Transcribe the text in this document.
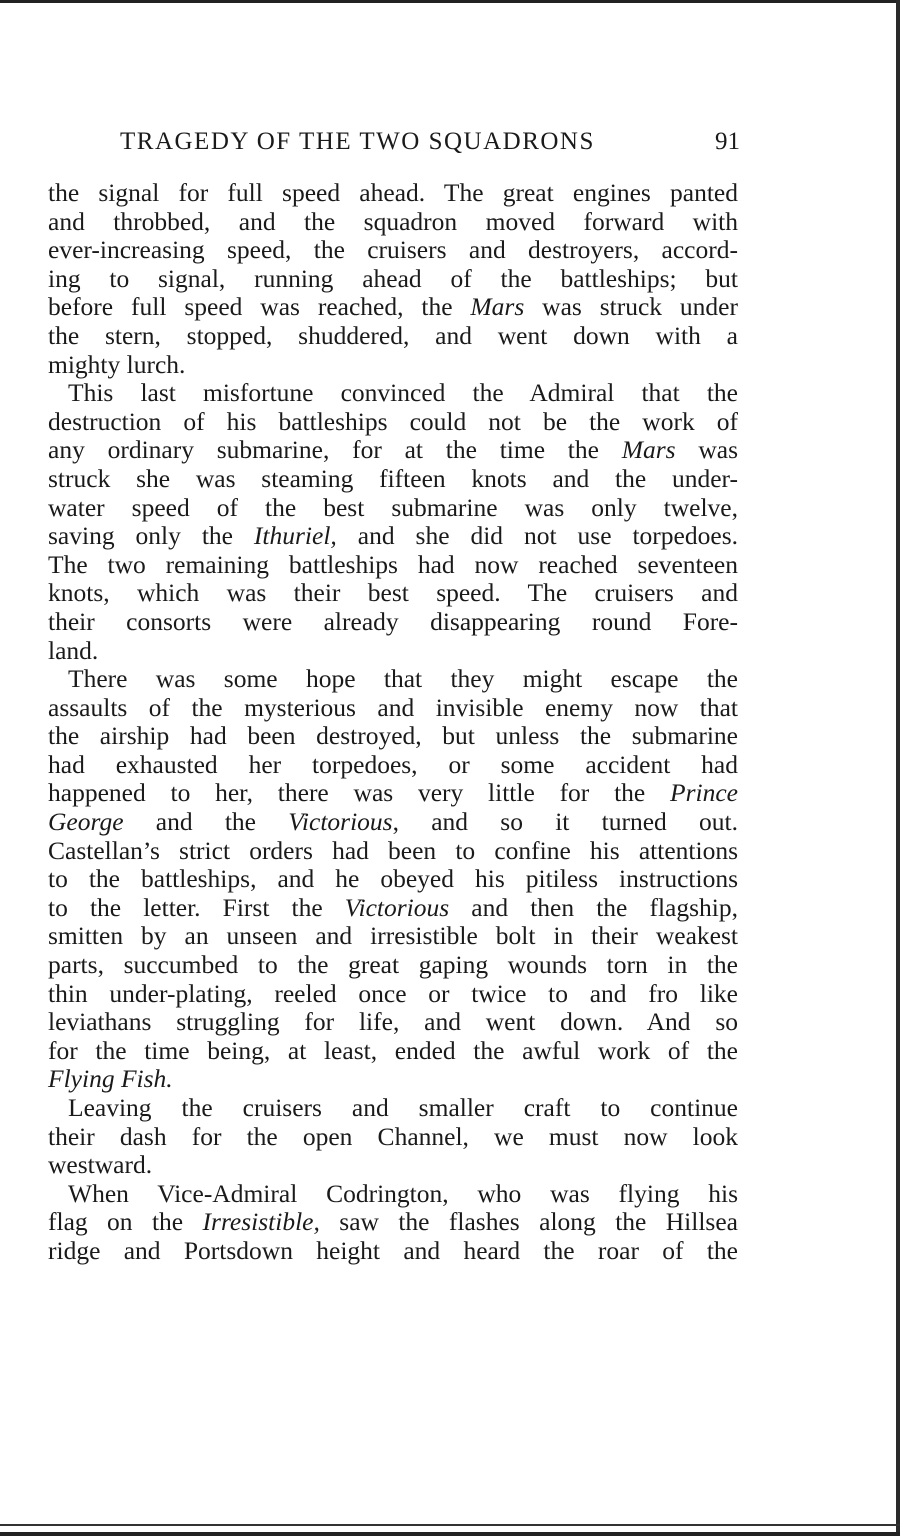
TRAGEDY OF THE TWO SQUADRONS	91
the signal for full speed ahead. The great engines panted
and throbbed, and the squadron moved forward with
ever-increasing speed, the cruisers and destroyers, accord-
ing to signal, running ahead of the battleships; but
before full speed was reached, the Mars was struck under
the stern, stopped, shuddered, and went down with a
mighty lurch.
This last misfortune convinced the Admiral that the
destruction of his battleships could not be the work of
any ordinary submarine, for at the time the Mars was
struck she was steaming fifteen knots and the under-
water speed of the best submarine was only twelve,
saving only the Ithuriel, and she did not use torpedoes.
The two remaining battleships had now reached seventeen
knots, which was their best speed. The cruisers and
their consorts were already disappearing round Fore-
land.
There was some hope that they might escape the
assaults of the mysterious and invisible enemy now that
the airship had been destroyed, but unless the submarine
had exhausted her torpedoes, or some accident had
happened to her, there was very little for the Prince
George and the Victorious, and so it turned out.
Castellan’s strict orders had been to confine his attentions
to the battleships, and he obeyed his pitiless instructions
to the letter. First the Victorious and then the flagship,
smitten by an unseen and irresistible bolt in their weakest
parts, succumbed to the great gaping wounds torn in the
thin under-plating, reeled once or twice to and fro like
leviathans struggling for life, and went down. And so
for the time being, at least, ended the awful work of the
Flying Fish.
Leaving the cruisers and smaller craft to continue
their dash for the open Channel, we must now look
westward.
When Vice-Admiral Codrington, who was flying his
flag on the Irresistible, saw the flashes along the Hillsea
ridge and Portsdown height and heard the roar of the
